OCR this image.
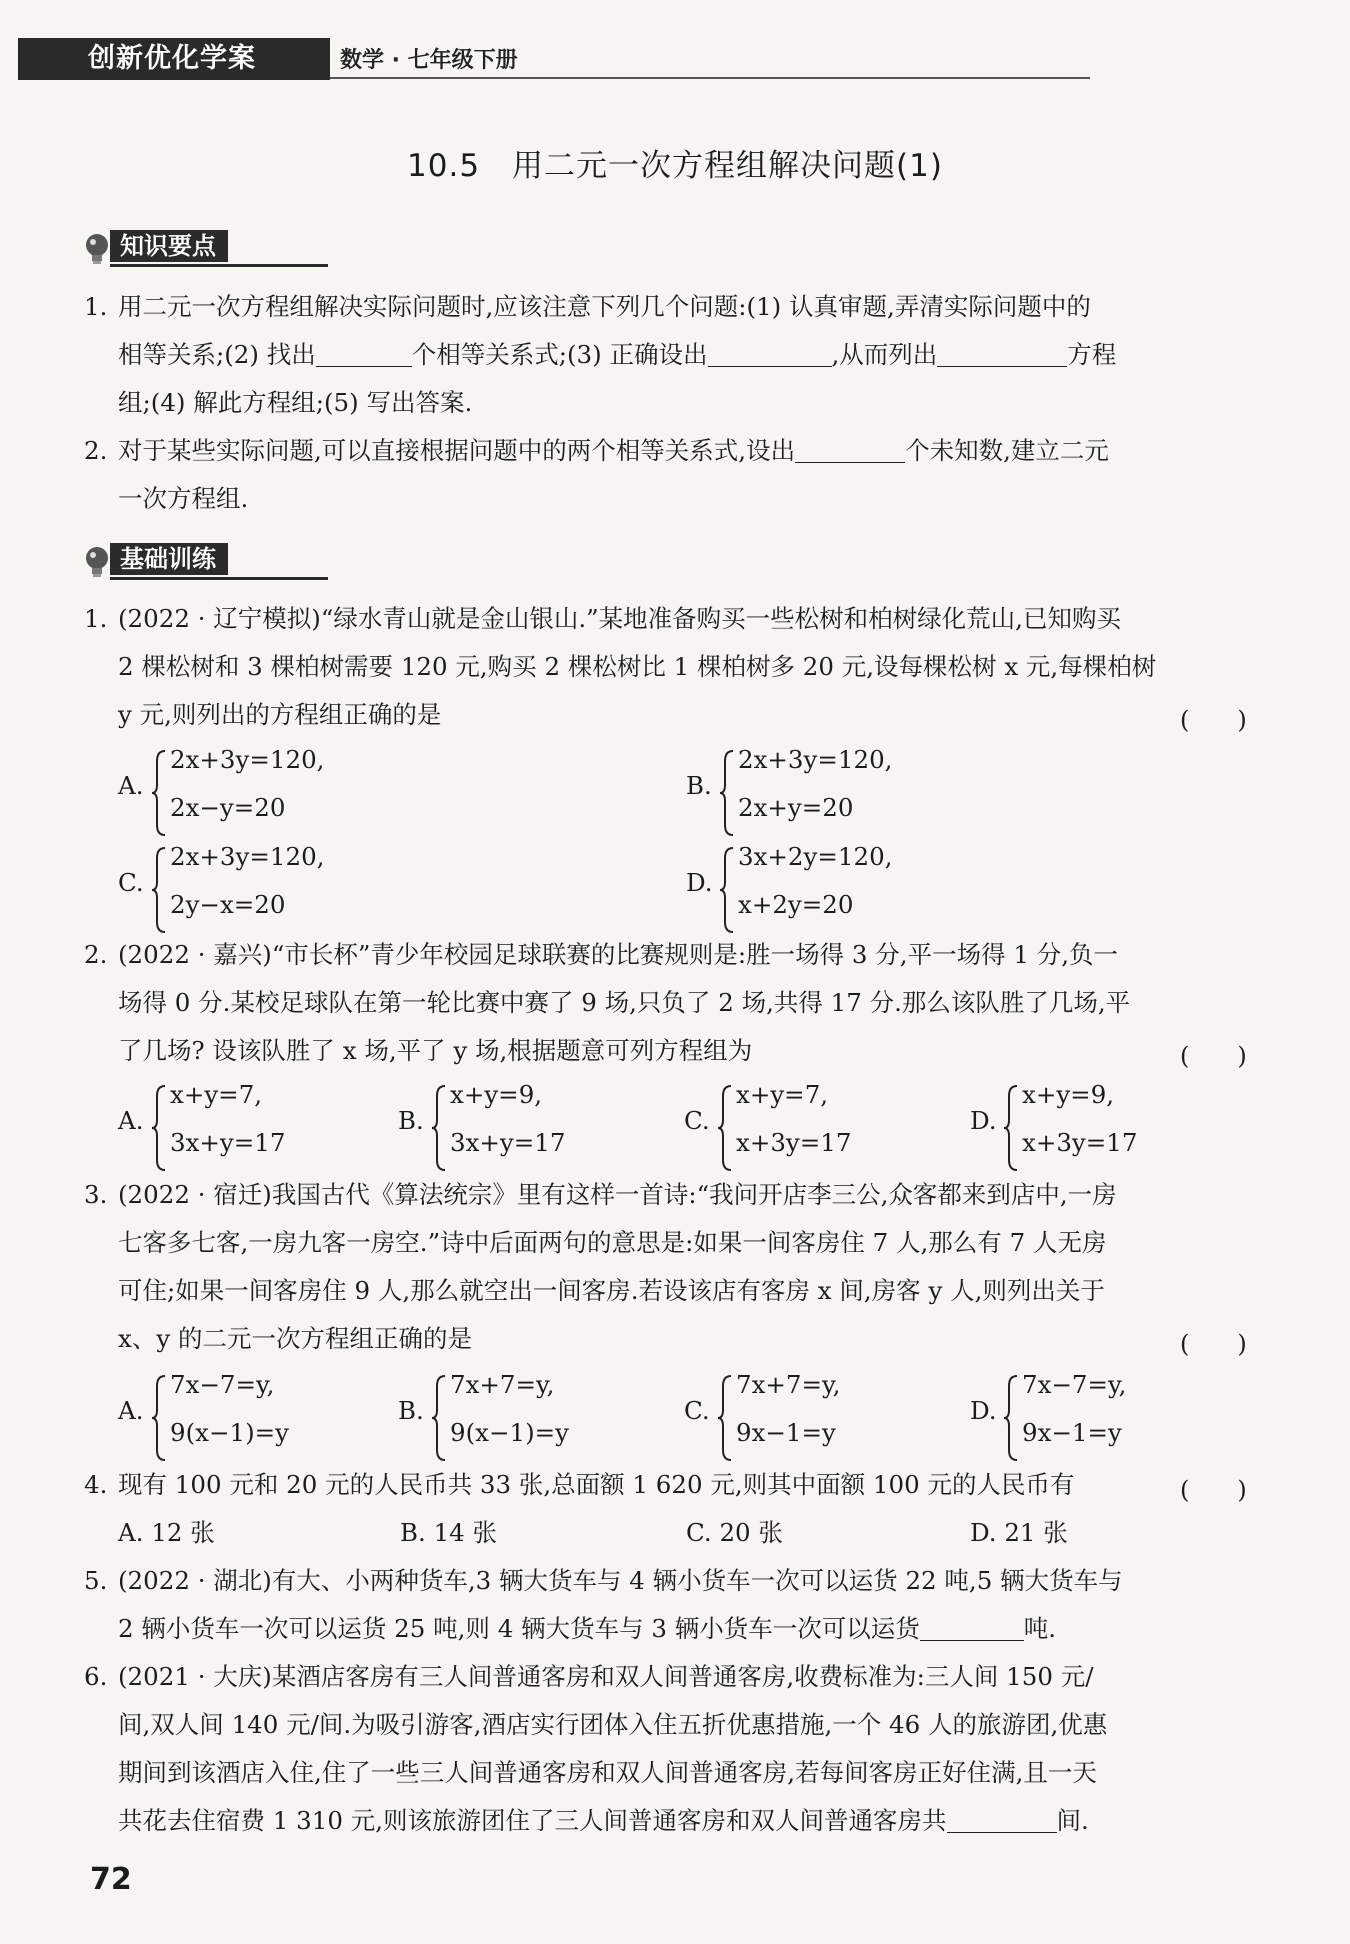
创新优化学案	数学 · 七年级下册
10.5　用二元一次方程组解决问题(1)
知识要点
1. 用二元一次方程组解决实际问题时,应该注意下列几个问题:(1) 认真审题,弄清实际问题中的
相等关系;(2) 找出	个相等关系式;(3) 正确设出	,从而列出	方程
组;(4) 解此方程组;(5) 写出答案.
2. 对于某些实际问题,可以直接根据问题中的两个相等关系式,设出	个未知数,建立二元
一次方程组.
基础训练
1. (2022 · 辽宁模拟)“绿水青山就是金山银山.”某地准备购买一些松树和柏树绿化荒山,已知购买
2 棵松树和 3 棵柏树需要 120 元,购买 2 棵松树比 1 棵柏树多 20 元,设每棵松树 x 元,每棵柏树
y 元,则列出的方程组正确的是	(　　)
A.
2x+3y=120,
2x−y=20
B.
2x+3y=120,
2x+y=20
C.
2x+3y=120,
2y−x=20
D.
3x+2y=120,
x+2y=20
2. (2022 · 嘉兴)“市长杯”青少年校园足球联赛的比赛规则是:胜一场得 3 分,平一场得 1 分,负一
场得 0 分.某校足球队在第一轮比赛中赛了 9 场,只负了 2 场,共得 17 分.那么该队胜了几场,平
了几场? 设该队胜了 x 场,平了 y 场,根据题意可列方程组为	(　　)
A.
x+y=7,
3x+y=17
B.
x+y=9,
3x+y=17
C.
x+y=7,
x+3y=17
D.
x+y=9,
x+3y=17
3. (2022 · 宿迁)我国古代《算法统宗》里有这样一首诗:“我问开店李三公,众客都来到店中,一房
七客多七客,一房九客一房空.”诗中后面两句的意思是:如果一间客房住 7 人,那么有 7 人无房
可住;如果一间客房住 9 人,那么就空出一间客房.若设该店有客房 x 间,房客 y 人,则列出关于
x、y 的二元一次方程组正确的是	(　　)
A.
7x−7=y,
9(x−1)=y
B.
7x+7=y,
9(x−1)=y
C.
7x+7=y,
9x−1=y
D.
7x−7=y,
9x−1=y
4. 现有 100 元和 20 元的人民币共 33 张,总面额 1 620 元,则其中面额 100 元的人民币有	(　　)
A. 12 张	B. 14 张	C. 20 张	D. 21 张
5. (2022 · 湖北)有大、小两种货车,3 辆大货车与 4 辆小货车一次可以运货 22 吨,5 辆大货车与
2 辆小货车一次可以运货 25 吨,则 4 辆大货车与 3 辆小货车一次可以运货	吨.
6. (2021 · 大庆)某酒店客房有三人间普通客房和双人间普通客房,收费标准为:三人间 150 元/
间,双人间 140 元/间.为吸引游客,酒店实行团体入住五折优惠措施,一个 46 人的旅游团,优惠
期间到该酒店入住,住了一些三人间普通客房和双人间普通客房,若每间客房正好住满,且一天
共花去住宿费 1 310 元,则该旅游团住了三人间普通客房和双人间普通客房共	间.
72
